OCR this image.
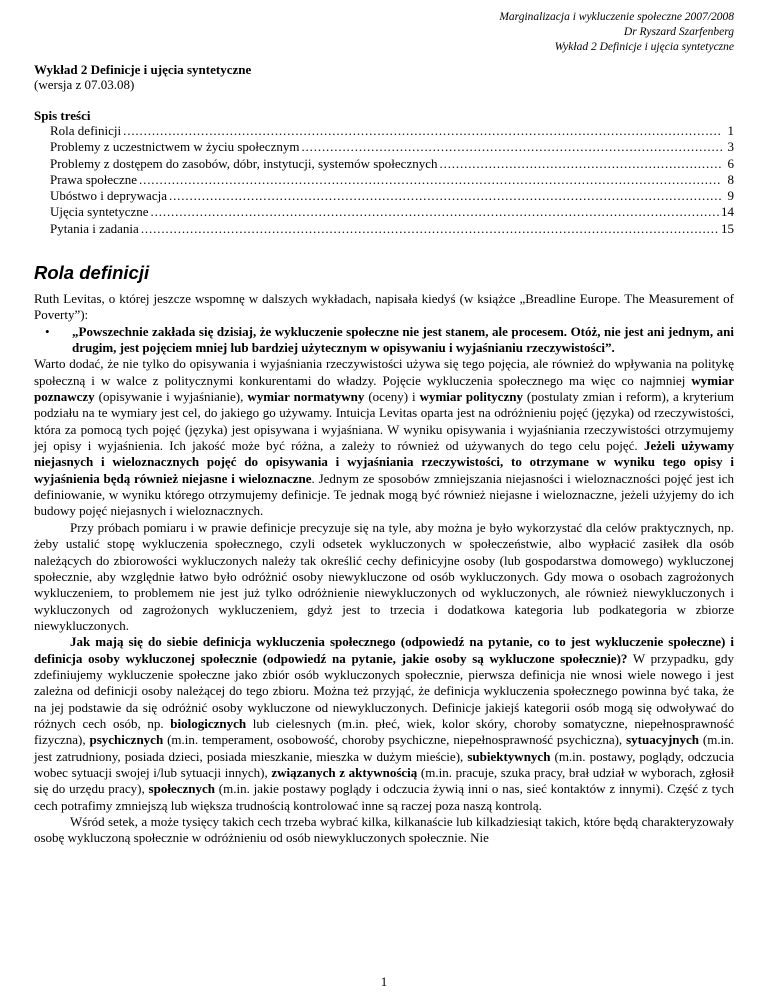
Marginalizacja i wykluczenie społeczne 2007/2008
Dr Ryszard Szarfenberg
Wykład 2 Definicje i ujęcia syntetyczne
Wykład 2 Definicje i ujęcia syntetyczne
(wersja z 07.03.08)
Spis treści
Rola definicji . . .	1
Problemy z uczestnictwem w życiu społecznym . . .	3
Problemy z dostępem do zasobów, dóbr, instytucji, systemów społecznych . . .	6
Prawa społeczne . . .	8
Ubóstwo i deprywacja . . .	9
Ujęcia syntetyczne . . .	14
Pytania i zadania . . .	15
Rola definicji

Ruth Levitas, o której jeszcze wspomnę w dalszych wykładach, napisała kiedyś (w książce „Breadline Europe. The Measurement of Poverty”):

• „Powszechnie zakłada się dzisiaj, że wykluczenie społeczne nie jest stanem, ale procesem. Otóż, nie jest ani jednym, ani drugim, jest pojęciem mniej lub bardziej użytecznym w opisywaniu i wyjaśnianiu rzeczywistości”.

Warto dodać, że nie tylko do opisywania i wyjaśniania rzeczywistości używa się tego pojęcia, ale również do wpływania na politykę społeczną i w walce z politycznymi konkurentami do władzy. Pojęcie wykluczenia społecznego ma więc co najmniej wymiar poznawczy (opisywanie i wyjaśnianie), wymiar normatywny (oceny) i wymiar polityczny (postulaty zmian i reform), a kryterium podziału na te wymiary jest cel, do jakiego go używamy. Intuicja Levitas oparta jest na odróżnieniu pojęć (języka) od rzeczywistości, która za pomocą tych pojęć (języka) jest opisywana i wyjaśniana. W wyniku opisywania i wyjaśniania rzeczywistości otrzymujemy jej opisy i wyjaśnienia. Ich jakość może być różna, a zależy to również od używanych do tego celu pojęć. Jeżeli używamy niejasnych i wieloznacznych pojęć do opisywania i wyjaśniania rzeczywistości, to otrzymane w wyniku tego opisy i wyjaśnienia będą również niejasne i wieloznaczne. Jednym ze sposobów zmniejszania niejasności i wieloznaczności pojęć jest ich definiowanie, w wyniku którego otrzymujemy definicje. Te jednak mogą być również niejasne i wieloznaczne, jeżeli użyjemy do ich budowy pojęć niejasnych i wieloznacznych.

Przy próbach pomiaru i w prawie definicje precyzuje się na tyle, aby można je było wykorzystać dla celów praktycznych, np. żeby ustalić stopę wykluczenia społecznego, czyli odsetek wykluczonych w społeczeństwie, albo wypłacić zasiłek dla osób należących do zbiorowości wykluczonych należy tak określić cechy definicyjne osoby (lub gospodarstwa domowego) wykluczonej społecznie, aby względnie łatwo było odróżnić osoby niewykluczone od osób wykluczonych. Gdy mowa o osobach zagrożonych wykluczeniem, to problemem nie jest już tylko odróżnienie niewykluczonych od wykluczonych, ale również niewykluczonych i wykluczonych od zagrożonych wykluczeniem, gdyż jest to trzecia i dodatkowa kategoria lub podkategoria w zbiorze niewykluczonych.

Jak mają się do siebie definicja wykluczenia społecznego (odpowiedź na pytanie, co to jest wykluczenie społeczne) i definicja osoby wykluczonej społecznie (odpowiedź na pytanie, jakie osoby są wykluczone społecznie)? W przypadku, gdy zdefiniujemy wykluczenie społeczne jako zbiór osób wykluczonych społecznie, pierwsza definicja nie wnosi wiele nowego i jest zależna od definicji osoby należącej do tego zbioru. Można też przyjąć, że definicja wykluczenia społecznego powinna być taka, że na jej podstawie da się odróżnić osoby wykluczone od niewykluczonych. Definicje jakiejś kategorii osób mogą się odwoływać do różnych cech osób, np. biologicznych lub cielesnych (m.in. płeć, wiek, kolor skóry, choroby somatyczne, niepełnosprawność fizyczna), psychicznych (m.in. temperament, osobowość, choroby psychiczne, niepełnosprawność psychiczna), sytuacyjnych (m.in. jest zatrudniony, posiada dzieci, posiada mieszkanie, mieszka w dużym mieście), subiektywnych (m.in. postawy, poglądy, odczucia wobec sytuacji swojej i/lub sytuacji innych), związanych z aktywnością (m.in. pracuje, szuka pracy, brał udział w wyborach, zgłosił się do urzędu pracy), społecznych (m.in. jakie postawy poglądy i odczucia żywią inni o nas, sieć kontaktów z innymi). Część z tych cech potrafimy zmniejszą lub większa trudnością kontrolować inne są raczej poza naszą kontrolą.

Wśród setek, a może tysięcy takich cech trzeba wybrać kilka, kilkanaście lub kilkadziesiąt takich, które będą charakteryzowały osobę wykluczoną społecznie w odróżnieniu od osób niewykluczonych społecznie. Nie

1
